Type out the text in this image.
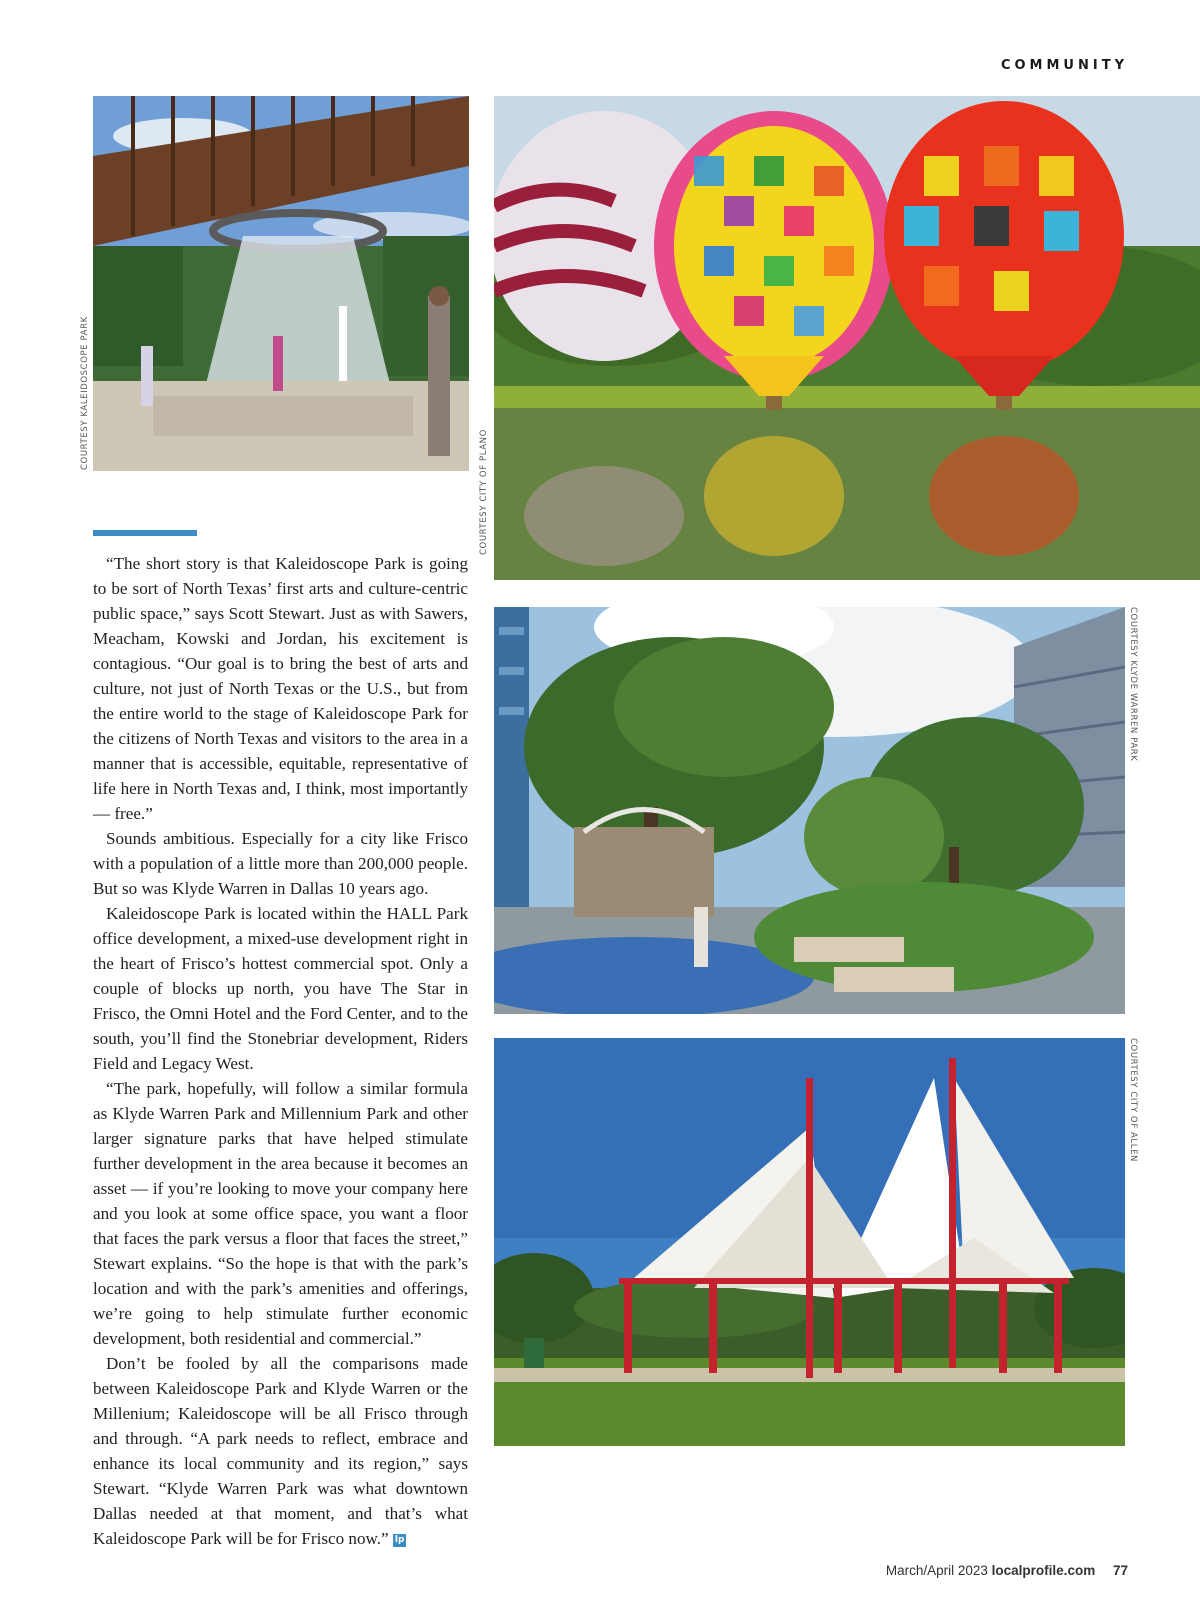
COMMUNITY
COURTESY KALEIDOSCOPE PARK
COURTESY CITY OF PLANO
COURTESY KLYDE WARREN PARK
COURTESY CITY OF ALLEN

“The short story is that Kaleidoscope Park is going to be sort of North Texas’ first arts and culture-centric public space,” says Scott Stewart. Just as with Sawers, Meacham, Kowski and Jordan, his excitement is contagious. “Our goal is to bring the best of arts and culture, not just of North Texas or the U.S., but from the entire world to the stage of Kaleidoscope Park for the citizens of North Texas and visitors to the area in a manner that is accessible, equitable, representative of life here in North Texas and, I think, most importantly — free.”

Sounds ambitious. Especially for a city like Frisco with a population of a little more than 200,000 people. But so was Klyde Warren in Dallas 10 years ago.

Kaleidoscope Park is located within the HALL Park office development, a mixed-use development right in the heart of Frisco’s hottest commercial spot. Only a couple of blocks up north, you have The Star in Frisco, the Omni Hotel and the Ford Center, and to the south, you’ll find the Stonebriar development, Riders Field and Legacy West.

“The park, hopefully, will follow a similar formula as Klyde Warren Park and Millennium Park and other larger signature parks that have helped stimulate further development in the area because it becomes an asset — if you’re looking to move your company here and you look at some office space, you want a floor that faces the park versus a floor that faces the street,” Stewart explains. “So the hope is that with the park’s location and with the park’s amenities and offerings, we’re going to help stimulate further economic development, both residential and commercial.”

Don’t be fooled by all the comparisons made between Kaleidoscope Park and Klyde Warren or the Millenium; Kaleidoscope will be all Frisco through and through. “A park needs to reflect, embrace and enhance its local community and its region,” says Stewart. “Klyde Warren Park was what downtown Dallas needed at that moment, and that’s what Kaleidoscope Park will be for Frisco now.” lp

March/April 2023 localprofile.com 77
